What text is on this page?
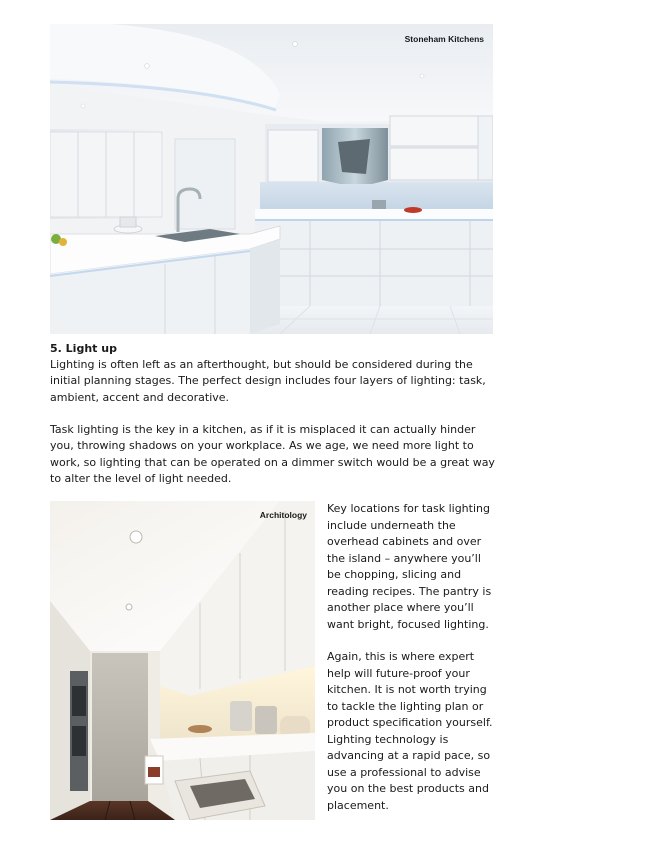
Stoneham Kitchens

5. Light up

Lighting is often left as an afterthought, but should be considered during the initial planning stages. The perfect design includes four layers of lighting: task, ambient, accent and decorative.

Task lighting is the key in a kitchen, as if it is misplaced it can actually hinder you, throwing shadows on your workplace. As we age, we need more light to work, so lighting that can be operated on a dimmer switch would be a great way to alter the level of light needed.

Architology Key locations for task lighting include underneath the overhead cabinets and over the island – anywhere you’ll be chopping, slicing and reading recipes. The pantry is another place where you’ll want bright, focused lighting.

Again, this is where expert help will future-proof your kitchen. It is not worth trying to tackle the lighting plan or product specification yourself. Lighting technology is advancing at a rapid pace, so use a professional to advise you on the best products and placement.
